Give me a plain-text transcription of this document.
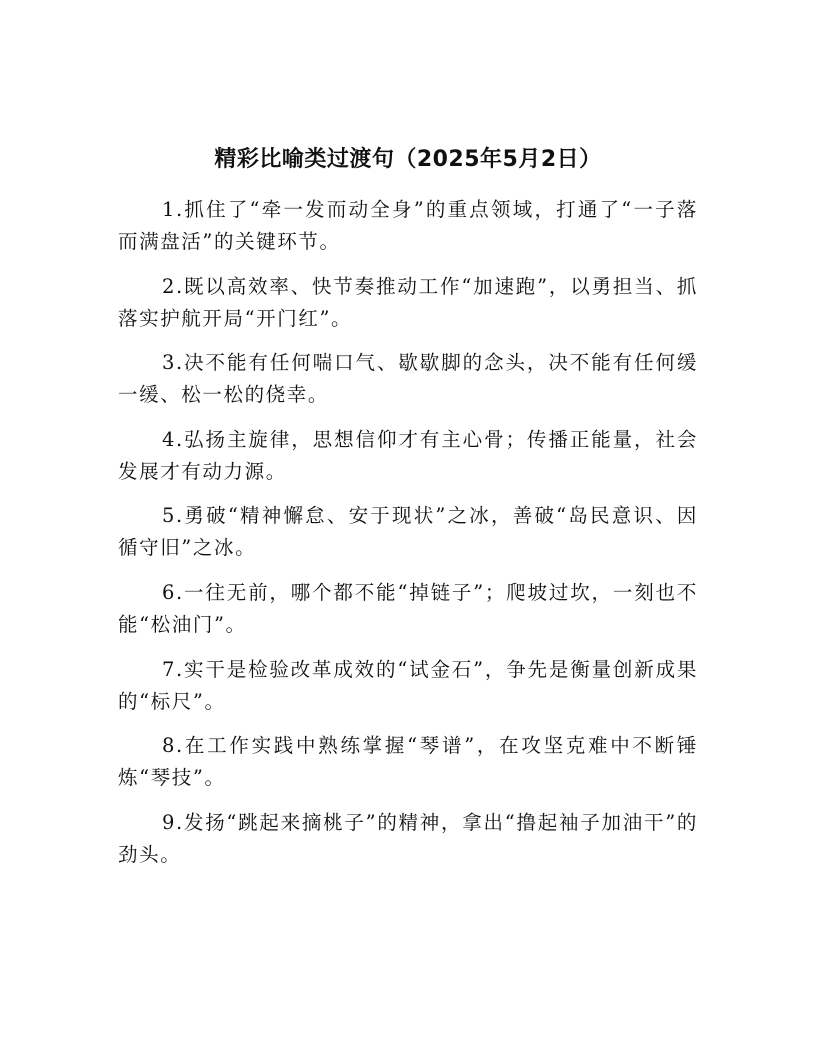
精彩比喻类过渡句（2025年5月2日）

1.抓住了“牵一发而动全身”的重点领域，打通了“一子落而满盘活”的关键环节。

2.既以高效率、快节奏推动工作“加速跑”，以勇担当、抓落实护航开局“开门红”。

3.决不能有任何喘口气、歇歇脚的念头，决不能有任何缓一缓、松一松的侥幸。

4.弘扬主旋律，思想信仰才有主心骨；传播正能量，社会发展才有动力源。

5.勇破“精神懈怠、安于现状”之冰，善破“岛民意识、因循守旧”之冰。

6.一往无前，哪个都不能“掉链子”；爬坡过坎，一刻也不能“松油门”。

7.实干是检验改革成效的“试金石”，争先是衡量创新成果的“标尺”。

8.在工作实践中熟练掌握“琴谱”，在攻坚克难中不断锤炼“琴技”。

9.发扬“跳起来摘桃子”的精神，拿出“撸起袖子加油干”的劲头。
